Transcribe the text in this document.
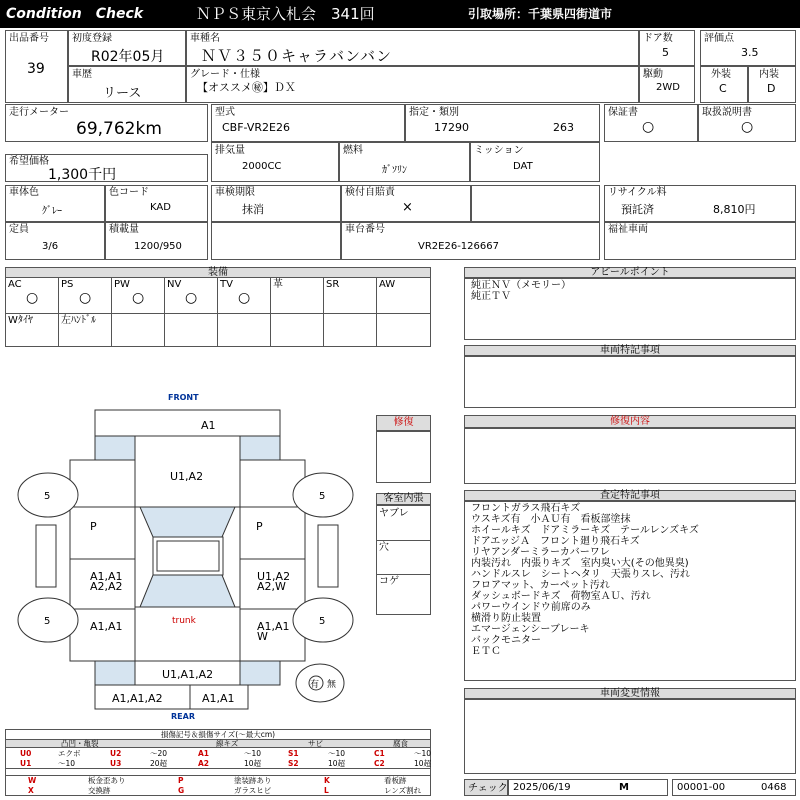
Condition　Check	ＮＰＳ東京入札会　341回	引取場所：千葉県四街道市
出品番号
39
初度登録
R02年05月
車種名
ＮＶ３５０キャラバンバン
ドア数
5
評価点
3.5
車歴
リース
グレード・仕様
【オススメ㊙】ＤＸ
駆動
2WD
外装
C
内装
D
走行メーター
69,762km
型式
CBF-VR2E26
指定・類別
17290	263
保証書
○
取扱説明書
○
希望価格
1,300千円
排気量
2000CC
燃料
ｶﾞｿﾘﾝ
ミッション
DAT
車体色
ｸﾞﾚｰ
色コード
KAD
車検期限
抹消
検付自賠責
×
リサイクル料
預託済	8,810円
定員
3/6
積載量
1200/950
車台番号
VR2E26-126667
福祉車両
装備
AC
○
PS
○
PW
○
NV
○
TV
○
革	SR	AW
Wﾀｲﾔ	左ﾊﾝﾄﾞﾙ
FRONT
REAR
A1
U1,A2
P	P
A1,A1
A2,A2
U1,A2
A2,W
A1,A1	A1,A1
W
trunk
U1,A1,A2
A1,A1,A2	A1,A1
5	5
5	5
有 無
修復
客室内張
ヤブレ
穴
コゲ
アピールポイント
純正ＮＶ（メモリー）
純正ＴＶ
車両特記事項
修復内容
査定特記事項
フロントガラス飛石キズ
ウスキズ有　小ＡＵ有　看板部塗抹
ホイールキズ　ドアミラーキズ　テールレンズキズ
ドアエッジＡ　フロント廻り飛石キズ
リヤアンダーミラーカバーワレ
内装汚れ　内張りキズ　室内臭い大(その他異臭)
ハンドルスレ　シートヘタリ　天張りスレ、汚れ
フロアマット、カーペット汚れ
ダッシュボードキズ　荷物室ＡＵ、汚れ
パワーウインドウ前席のみ
横滑り防止装置
エマージェンシーブレーキ
バックモニター
ＥＴＣ
車両変更情報
チェック 2025/06/19	M	00001-00	0468
損傷記号＆損傷サイズ(～最大cm)
凸凹・亀裂	線キズ	サビ	腐食
U0	エクボ	U2	～20	A1	～10	S1	～10	C1	～10
U1	～10	U3	20超	A2	10超	S2	10超	C2	10超
W	板金歪あり	P	塗装跡あり	K	看板跡
X	交換跡	G	ガラスヒビ	L	レンズ割れ
